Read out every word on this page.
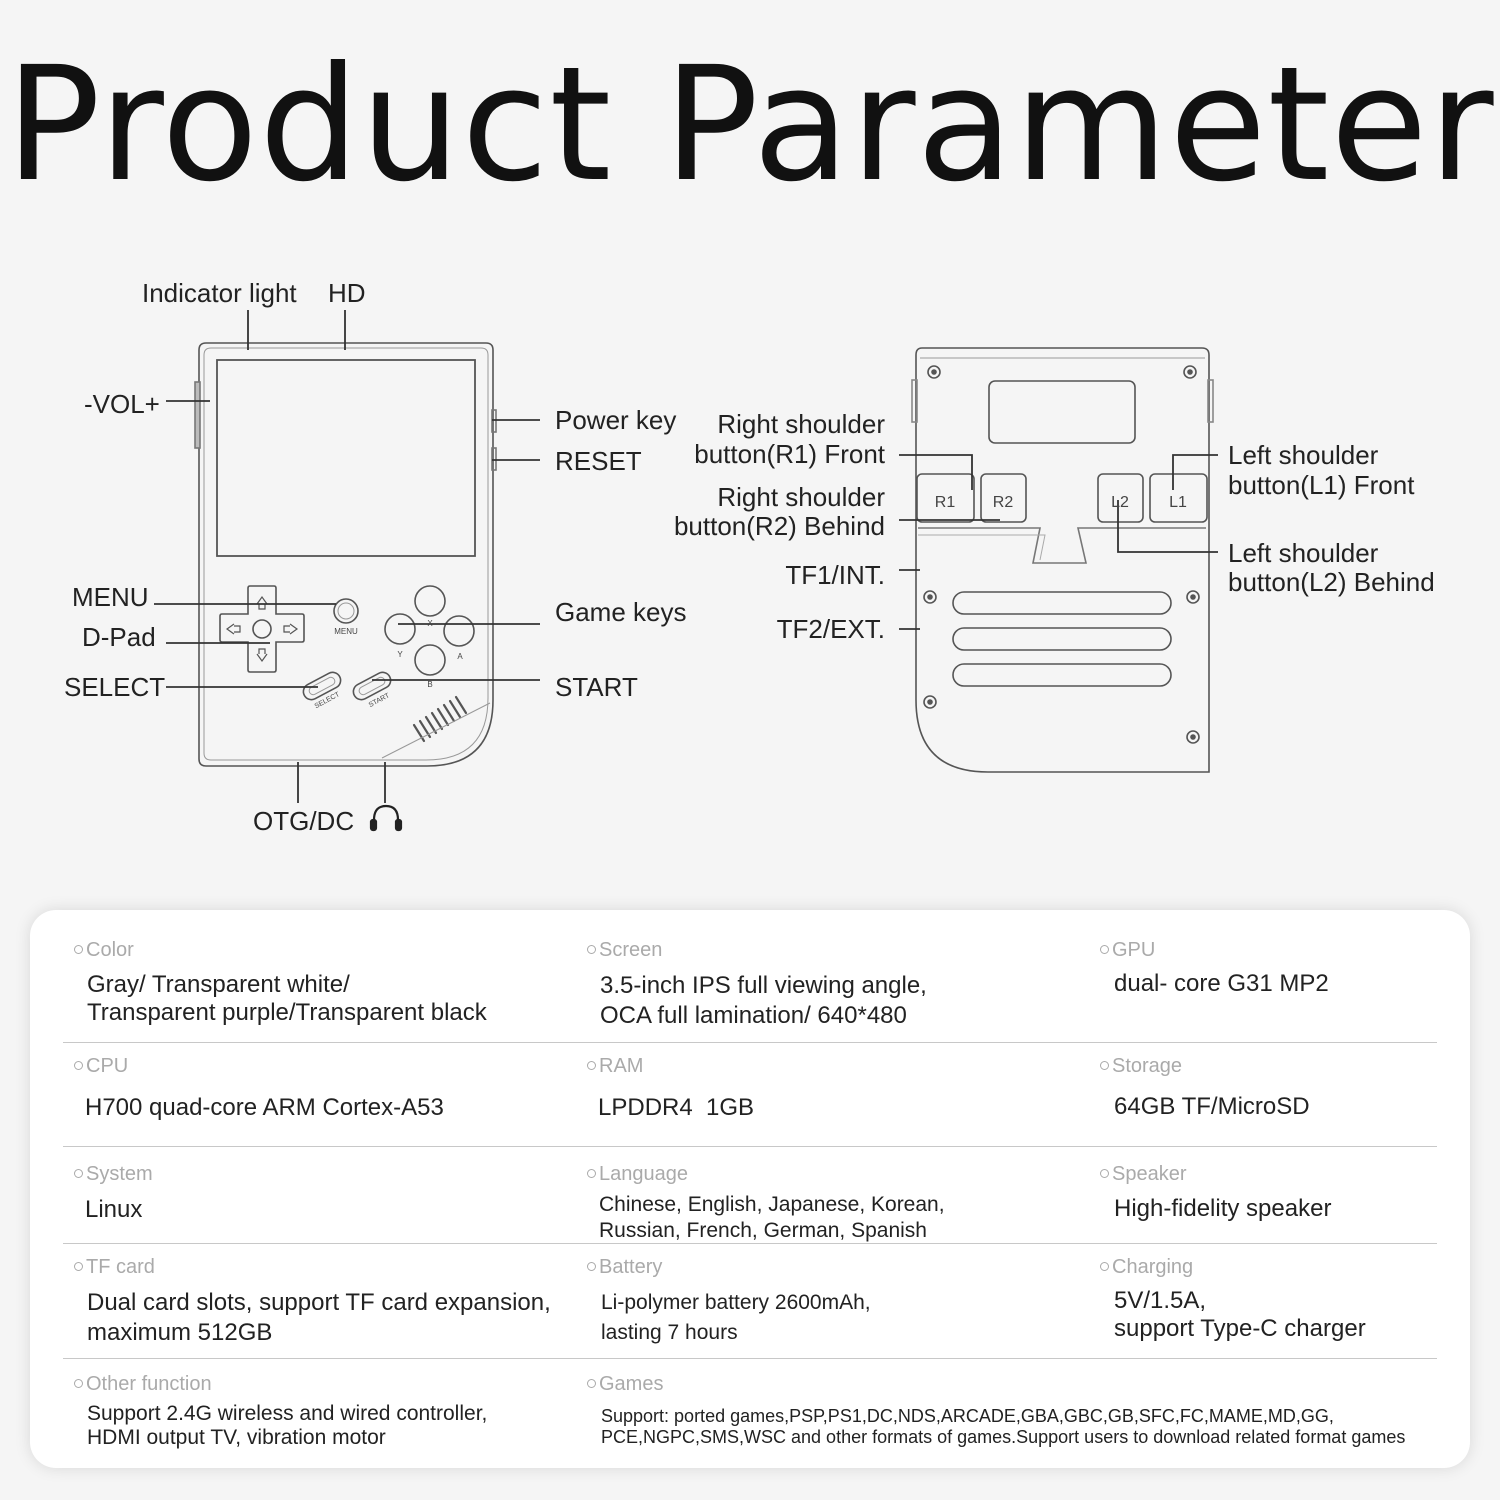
Product Parameter
MENU
X
Y	A
B
SELECT	START
R1 R2	L2	L1
Indicator light HD
-VOL+
Power key
RESET
MENU
D-Pad
SELECT
Game keys
START
OTG/DC
Right shoulder
button(R1) Front
Right shoulder
button(R2) Behind
TF1/INT.
TF2/EXT.
Left shoulder
button(L1) Front
Left shoulder
button(L2) Behind
Color
Gray/ Transparent white/
Transparent purple/Transparent black
Screen
3.5-inch IPS full viewing angle,
OCA full lamination/ 640*480
GPU
dual- core G31 MP2
CPU
H700 quad-core ARM Cortex-A53
RAM
LPDDR4  1GB
Storage
64GB TF/MicroSD
System
Linux
Language
Chinese, English, Japanese, Korean,
Russian, French, German, Spanish
Speaker
High-fidelity speaker
TF card
Dual card slots, support TF card expansion,
maximum 512GB
Battery
Li-polymer battery 2600mAh,
lasting 7 hours
Charging
5V/1.5A,
support Type-C charger
Other function
Support 2.4G wireless and wired controller,
HDMI output TV, vibration motor
Games
Support: ported games,PSP,PS1,DC,NDS,ARCADE,GBA,GBC,GB,SFC,FC,MAME,MD,GG,
PCE,NGPC,SMS,WSC and other formats of games.Support users to download related format games
